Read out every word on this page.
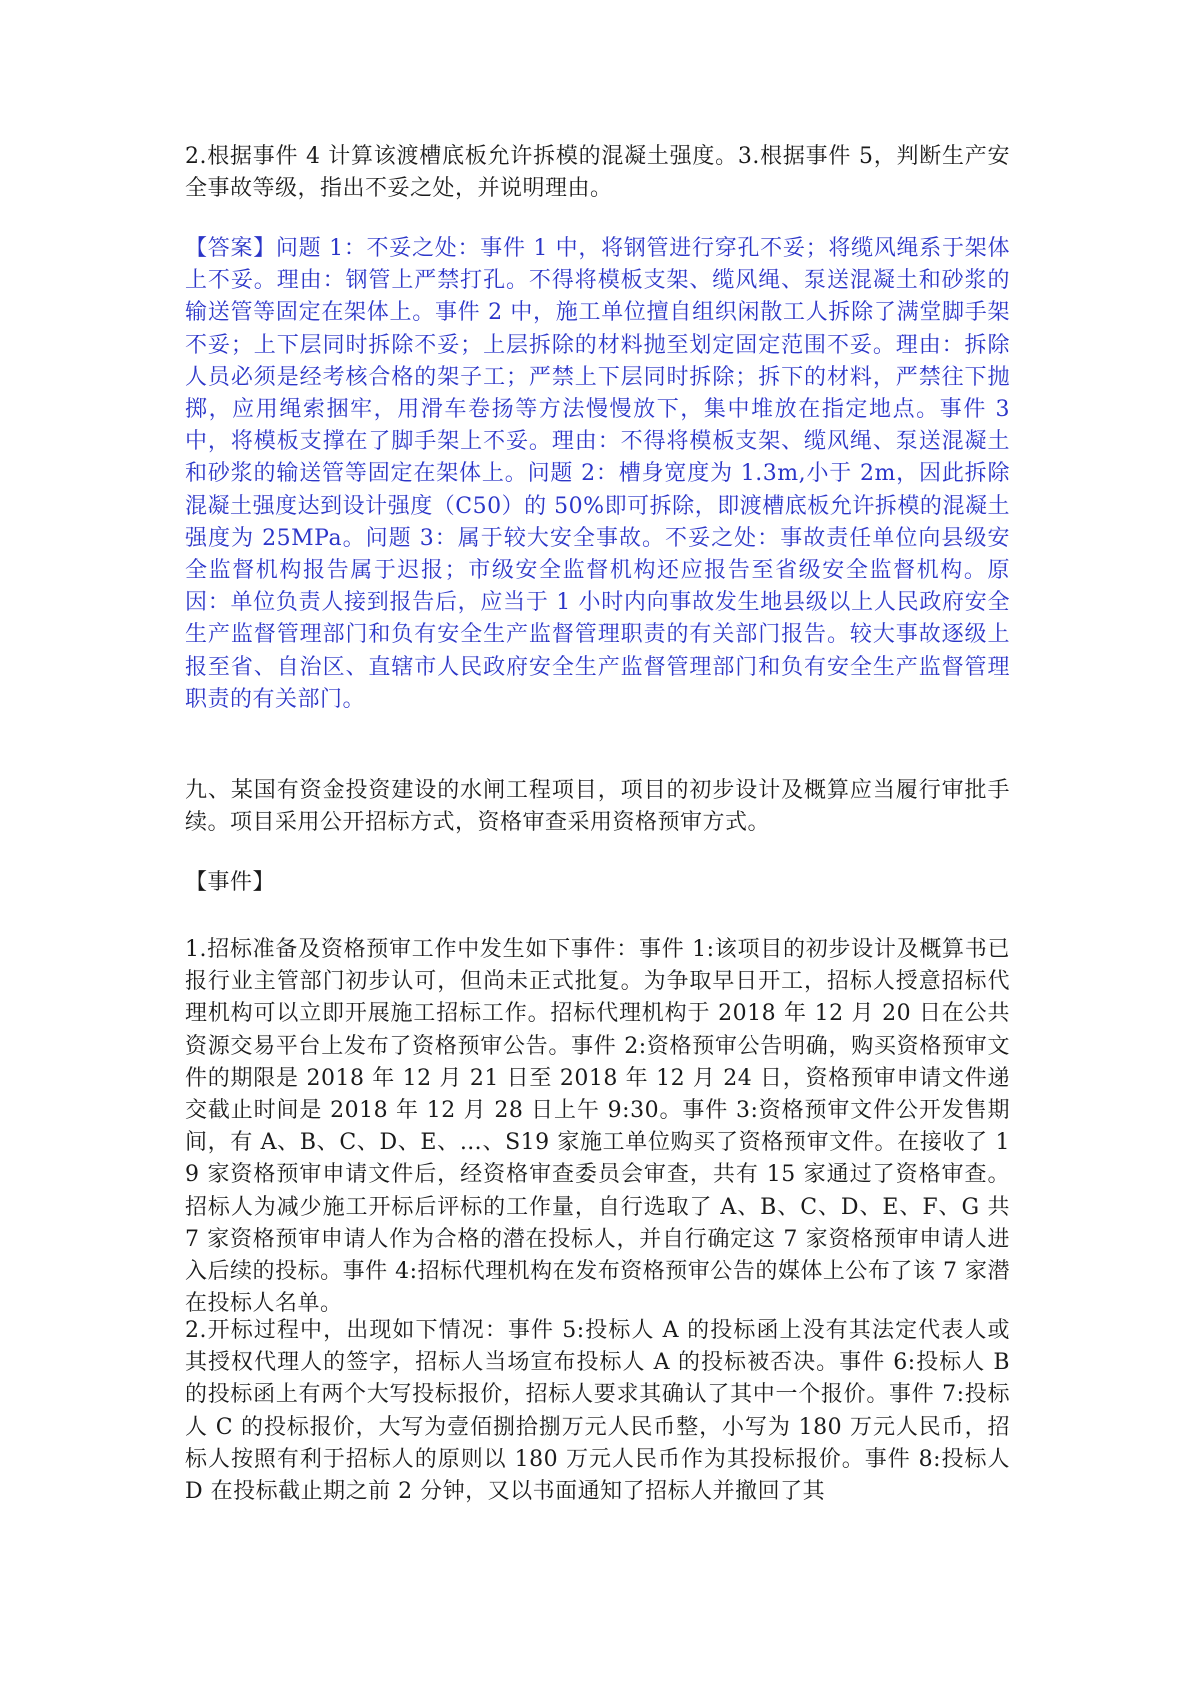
2.根据事件 4 计算该渡槽底板允许拆模的混凝土强度。3.根据事件 5，判断生产安全事故等级，指出不妥之处，并说明理由。

【答案】问题 1：不妥之处：事件 1 中，将钢管进行穿孔不妥；将缆风绳系于架体上不妥。理由：钢管上严禁打孔。不得将模板支架、缆风绳、泵送混凝土和砂浆的输送管等固定在架体上。事件 2 中，施工单位擅自组织闲散工人拆除了满堂脚手架不妥；上下层同时拆除不妥；上层拆除的材料抛至划定固定范围不妥。理由：拆除人员必须是经考核合格的架子工；严禁上下层同时拆除；拆下的材料，严禁往下抛掷，应用绳索捆牢，用滑车卷扬等方法慢慢放下，集中堆放在指定地点。事件 3 中，将模板支撑在了脚手架上不妥。理由：不得将模板支架、缆风绳、泵送混凝土和砂浆的输送管等固定在架体上。问题 2：槽身宽度为 1.3m,小于 2m，因此拆除混凝土强度达到设计强度（C50）的 50%即可拆除，即渡槽底板允许拆模的混凝土强度为 25MPa。问题 3：属于较大安全事故。不妥之处：事故责任单位向县级安全监督机构报告属于迟报；市级安全监督机构还应报告至省级安全监督机构。原因：单位负责人接到报告后，应当于 1 小时内向事故发生地县级以上人民政府安全生产监督管理部门和负有安全生产监督管理职责的有关部门报告。较大事故逐级上报至省、自治区、直辖市人民政府安全生产监督管理部门和负有安全生产监督管理职责的有关部门。

九、某国有资金投资建设的水闸工程项目，项目的初步设计及概算应当履行审批手续。项目采用公开招标方式，资格审查采用资格预审方式。

【事件】

1.招标准备及资格预审工作中发生如下事件：事件 1:该项目的初步设计及概算书已报行业主管部门初步认可，但尚未正式批复。为争取早日开工，招标人授意招标代理机构可以立即开展施工招标工作。招标代理机构于 2018 年 12 月 20 日在公共资源交易平台上发布了资格预审公告。事件 2:资格预审公告明确，购买资格预审文件的期限是 2018 年 12 月 21 日至 2018 年 12 月 24 日，资格预审申请文件递交截止时间是 2018 年 12 月 28 日上午 9:30。事件 3:资格预审文件公开发售期间，有 A、B、C、D、E、…、S19 家施工单位购买了资格预审文件。在接收了 19 家资格预审申请文件后，经资格审查委员会审查，共有 15 家通过了资格审查。招标人为减少施工开标后评标的工作量，自行选取了 A、B、C、D、E、F、G 共 7 家资格预审申请人作为合格的潜在投标人，并自行确定这 7 家资格预审申请人进入后续的投标。事件 4:招标代理机构在发布资格预审公告的媒体上公布了该 7 家潜在投标人名单。

2.开标过程中，出现如下情况：事件 5:投标人 A 的投标函上没有其法定代表人或其授权代理人的签字，招标人当场宣布投标人 A 的投标被否决。事件 6:投标人 B 的投标函上有两个大写投标报价，招标人要求其确认了其中一个报价。事件 7:投标人 C 的投标报价，大写为壹佰捌拾捌万元人民币整，小写为 180 万元人民币，招标人按照有利于招标人的原则以 180 万元人民币作为其投标报价。事件 8:投标人 D 在投标截止期之前 2 分钟，又以书面通知了招标人并撤回了其
